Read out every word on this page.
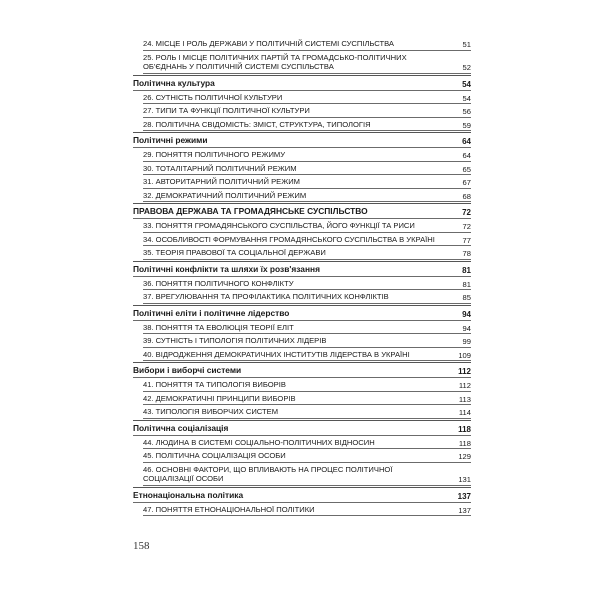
24. МІСЦЕ І РОЛЬ ДЕРЖАВИ У ПОЛІТИЧНІЙ СИСТЕМІ СУСПІЛЬСТВА	51
25. РОЛЬ І МІСЦЕ ПОЛІТИЧНИХ ПАРТІЙ ТА ГРОМАДСЬКО-ПОЛІТИЧНИХ ОБ'ЄДНАНЬ У ПОЛІТИЧНІЙ СИСТЕМІ СУСПІЛЬСТВА	52
Політична культура	54
26. СУТНІСТЬ ПОЛІТИЧНОЇ КУЛЬТУРИ	54
27. ТИПИ ТА ФУНКЦІЇ ПОЛІТИЧНОЇ КУЛЬТУРИ	56
28. ПОЛІТИЧНА СВІДОМІСТЬ: ЗМІСТ, СТРУКТУРА, ТИПОЛОГІЯ	59
Політичні режими	64
29. ПОНЯТТЯ ПОЛІТИЧНОГО РЕЖИМУ	64
30. ТОТАЛІТАРНИЙ ПОЛІТИЧНИЙ РЕЖИМ	65
31. АВТОРИТАРНИЙ ПОЛІТИЧНИЙ РЕЖИМ	67
32. ДЕМОКРАТИЧНИЙ ПОЛІТИЧНИЙ РЕЖИМ	68
ПРАВОВА ДЕРЖАВА ТА ГРОМАДЯНСЬКЕ СУСПІЛЬСТВО	72
33. ПОНЯТТЯ ГРОМАДЯНСЬКОГО СУСПІЛЬСТВА, ЙОГО ФУНКЦІЇ ТА РИСИ	72
34. ОСОБЛИВОСТІ ФОРМУВАННЯ ГРОМАДЯНСЬКОГО СУСПІЛЬСТВА В УКРАЇНІ	77
35. ТЕОРІЯ ПРАВОВОЇ ТА СОЦІАЛЬНОЇ ДЕРЖАВИ	78
Політичні конфлікти та шляхи їх розв'язання	81
36. ПОНЯТТЯ ПОЛІТИЧНОГО КОНФЛІКТУ	81
37. ВРЕГУЛЮВАННЯ ТА ПРОФІЛАКТИКА ПОЛІТИЧНИХ КОНФЛІКТІВ	85
Політичні еліти і політичне лідерство	94
38. ПОНЯТТЯ ТА ЕВОЛЮЦІЯ ТЕОРІЇ ЕЛІТ	94
39. СУТНІСТЬ І ТИПОЛОГІЯ ПОЛІТИЧНИХ ЛІДЕРІВ	99
40. ВІДРОДЖЕННЯ ДЕМОКРАТИЧНИХ ІНСТИТУТІВ ЛІДЕРСТВА В УКРАЇНІ	109
Вибори і виборчі системи	112
41. ПОНЯТТЯ ТА ТИПОЛОГІЯ ВИБОРІВ	112
42. ДЕМОКРАТИЧНІ ПРИНЦИПИ ВИБОРІВ	113
43. ТИПОЛОГІЯ ВИБОРЧИХ СИСТЕМ	114
Політична соціалізація	118
44. ЛЮДИНА В СИСТЕМІ СОЦІАЛЬНО-ПОЛІТИЧНИХ ВІДНОСИН	118
45. ПОЛІТИЧНА СОЦІАЛІЗАЦІЯ ОСОБИ	129
46. ОСНОВНІ ФАКТОРИ, ЩО ВПЛИВАЮТЬ НА ПРОЦЕС ПОЛІТИЧНОЇ СОЦІАЛІЗАЦІЇ ОСОБИ	131
Етнонаціональна політика	137
47. ПОНЯТТЯ ЕТНОНАЦІОНАЛЬНОЇ ПОЛІТИКИ	137
158
